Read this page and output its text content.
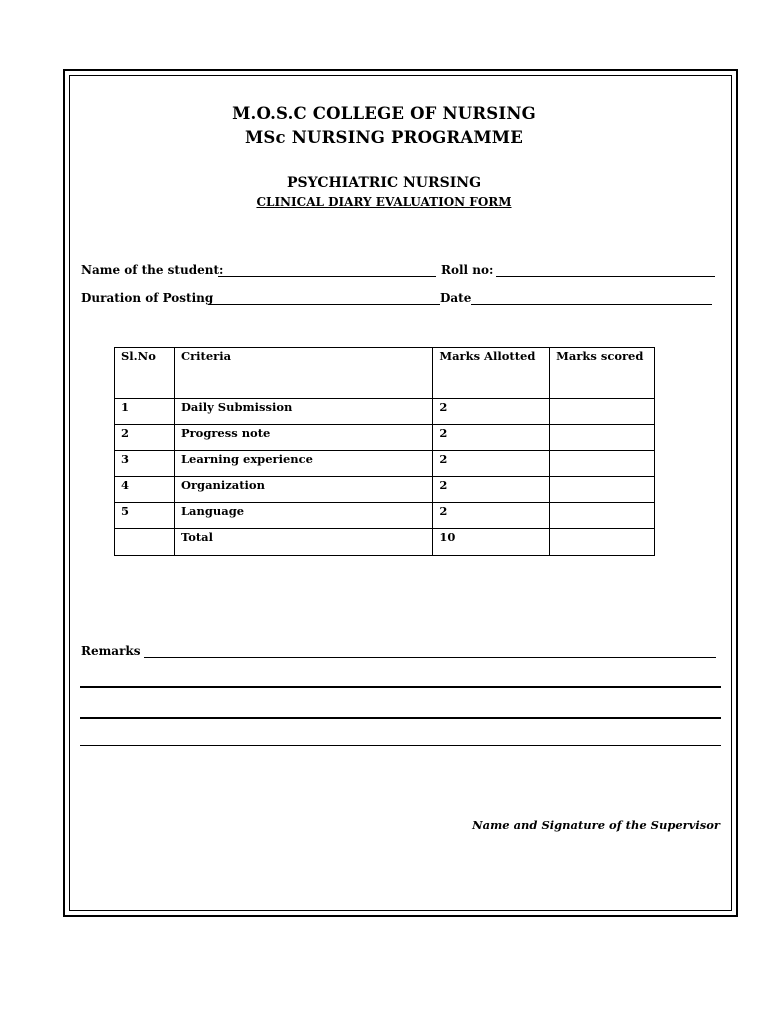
M.O.S.C COLLEGE OF NURSING
MSc NURSING PROGRAMME
PSYCHIATRIC NURSING
CLINICAL DIARY EVALUATION FORM
Name of the student:	Roll no:
Duration of Posting	Date
Sl.No	Criteria	Marks Allotted	Marks scored
1	Daily Submission	2	
2	Progress note	2	
3	Learning experience	2	
4	Organization	2	
5	Language	2	
	Total	10	
Remarks
Name and Signature of the Supervisor
